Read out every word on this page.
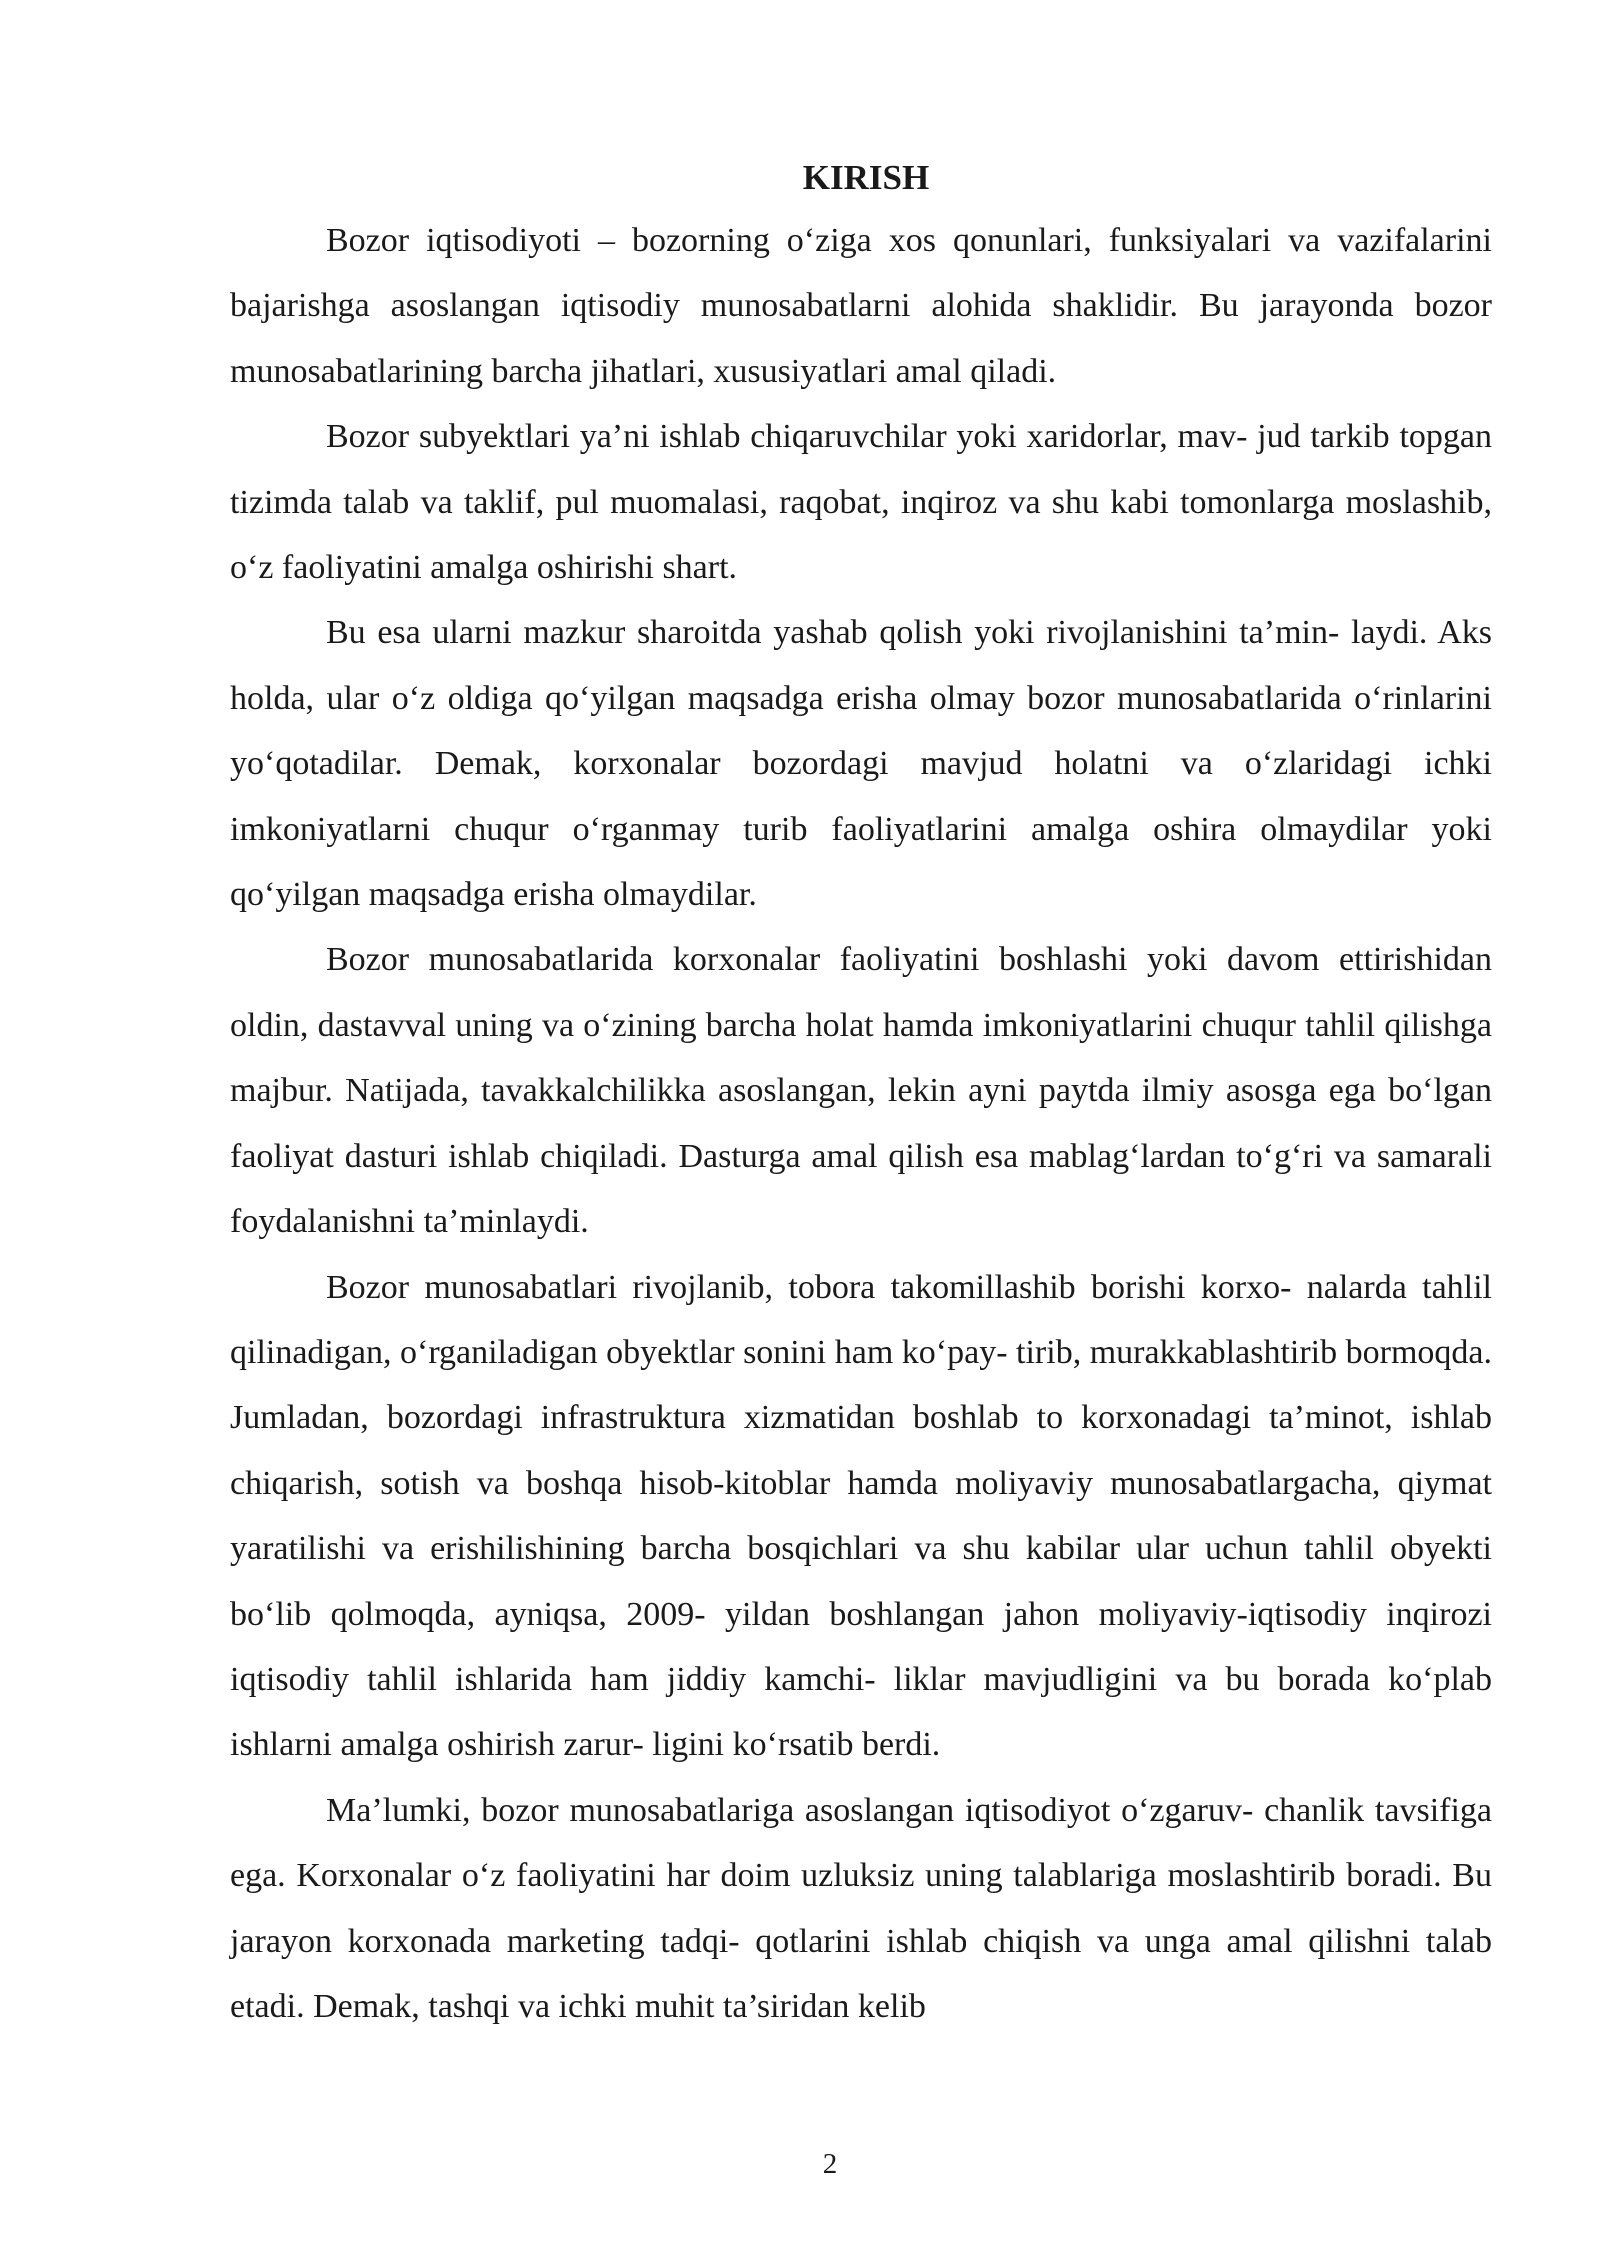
KIRISH

Bozor iqtisodiyoti – bozorning o‘ziga xos qonunlari, funksiyalari va vazifalarini bajarishga asoslangan iqtisodiy munosabatlarni alohida shaklidir. Bu jarayonda bozor munosabatlarining barcha jihatlari, xususiyatlari amal qiladi.

Bozor subyektlari ya’ni ishlab chiqaruvchilar yoki xaridorlar, mav- jud tarkib topgan tizimda talab va taklif, pul muomalasi, raqobat, inqiroz va shu kabi tomonlarga moslashib, o‘z faoliyatini amalga oshirishi shart.

Bu esa ularni mazkur sharoitda yashab qolish yoki rivojlanishini ta’min- laydi. Aks holda, ular o‘z oldiga qo‘yilgan maqsadga erisha olmay bozor munosabatlarida o‘rinlarini yo‘qotadilar. Demak, korxonalar bozordagi mavjud holatni va o‘zlaridagi ichki imkoniyatlarni chuqur o‘rganmay turib faoliyatlarini amalga oshira olmaydilar yoki qo‘yilgan maqsadga erisha olmaydilar.

Bozor munosabatlarida korxonalar faoliyatini boshlashi yoki davom ettirishidan oldin, dastavval uning va o‘zining barcha holat hamda imkoniyatlarini chuqur tahlil qilishga majbur. Natijada, tavakkalchilikka asoslangan, lekin ayni paytda ilmiy asosga ega bo‘lgan faoliyat dasturi ishlab chiqiladi. Dasturga amal qilish esa mablag‘lardan to‘g‘ri va samarali foydalanishni ta’minlaydi.

Bozor munosabatlari rivojlanib, tobora takomillashib borishi korxo- nalarda tahlil qilinadigan, o‘rganiladigan obyektlar sonini ham ko‘pay- tirib, murakkablashtirib bormoqda. Jumladan, bozordagi infrastruktura xizmatidan boshlab to korxonadagi ta’minot, ishlab chiqarish, sotish va boshqa hisob-kitoblar hamda moliyaviy munosabatlargacha, qiymat yaratilishi va erishilishining barcha bosqichlari va shu kabilar ular uchun tahlil obyekti bo‘lib qolmoqda, ayniqsa, 2009- yildan boshlangan jahon moliyaviy-iqtisodiy inqirozi iqtisodiy tahlil ishlarida ham jiddiy kamchi- liklar mavjudligini va bu borada ko‘plab ishlarni amalga oshirish zarur- ligini ko‘rsatib berdi.

Ma’lumki, bozor munosabatlariga asoslangan iqtisodiyot o‘zgaruv- chanlik tavsifiga ega. Korxonalar o‘z faoliyatini har doim uzluksiz uning talablariga moslashtirib boradi. Bu jarayon korxonada marketing tadqi- qotlarini ishlab chiqish va unga amal qilishni talab etadi. Demak, tashqi va ichki muhit ta’siridan kelib

2
